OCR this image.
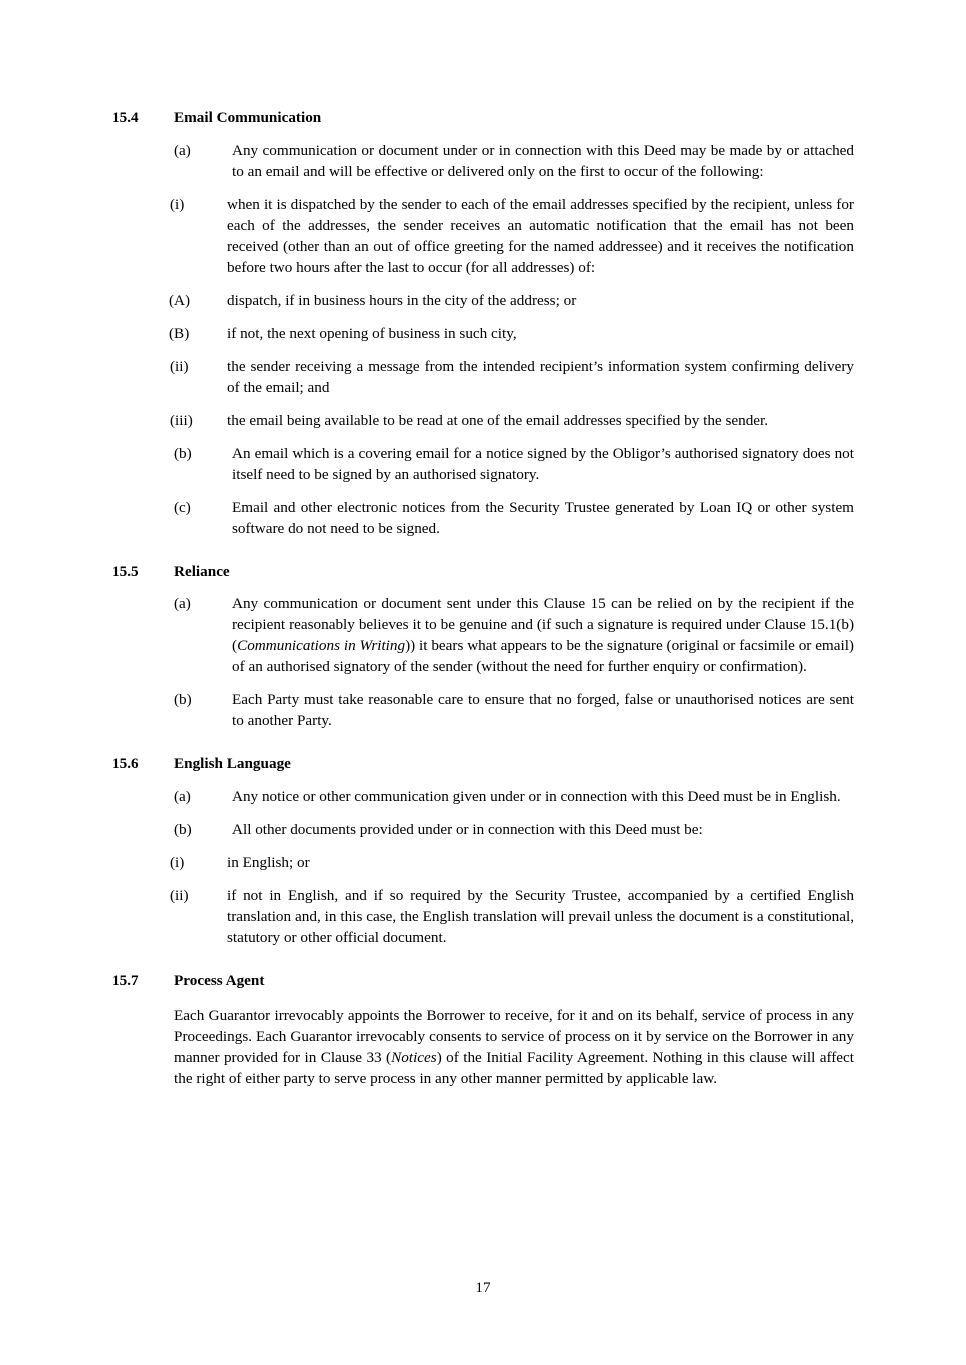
15.4	Email Communication
(a)	Any communication or document under or in connection with this Deed may be made by or attached to an email and will be effective or delivered only on the first to occur of the following:
(i)	when it is dispatched by the sender to each of the email addresses specified by the recipient, unless for each of the addresses, the sender receives an automatic notification that the email has not been received (other than an out of office greeting for the named addressee) and it receives the notification before two hours after the last to occur (for all addresses) of:
(A)	dispatch, if in business hours in the city of the address; or
(B)	if not, the next opening of business in such city,
(ii)	the sender receiving a message from the intended recipient’s information system confirming delivery of the email; and
(iii)	the email being available to be read at one of the email addresses specified by the sender.
(b)	An email which is a covering email for a notice signed by the Obligor’s authorised signatory does not itself need to be signed by an authorised signatory.
(c)	Email and other electronic notices from the Security Trustee generated by Loan IQ or other system software do not need to be signed.
15.5	Reliance
(a)	Any communication or document sent under this Clause 15 can be relied on by the recipient if the recipient reasonably believes it to be genuine and (if such a signature is required under Clause 15.1(b) (Communications in Writing)) it bears what appears to be the signature (original or facsimile or email) of an authorised signatory of the sender (without the need for further enquiry or confirmation).
(b)	Each Party must take reasonable care to ensure that no forged, false or unauthorised notices are sent to another Party.
15.6	English Language
(a)	Any notice or other communication given under or in connection with this Deed must be in English.
(b)	All other documents provided under or in connection with this Deed must be:
(i)	in English; or
(ii)	if not in English, and if so required by the Security Trustee, accompanied by a certified English translation and, in this case, the English translation will prevail unless the document is a constitutional, statutory or other official document.
15.7	Process Agent
Each Guarantor irrevocably appoints the Borrower to receive, for it and on its behalf, service of process in any Proceedings. Each Guarantor irrevocably consents to service of process on it by service on the Borrower in any manner provided for in Clause 33 (Notices) of the Initial Facility Agreement. Nothing in this clause will affect the right of either party to serve process in any other manner permitted by applicable law.
17
